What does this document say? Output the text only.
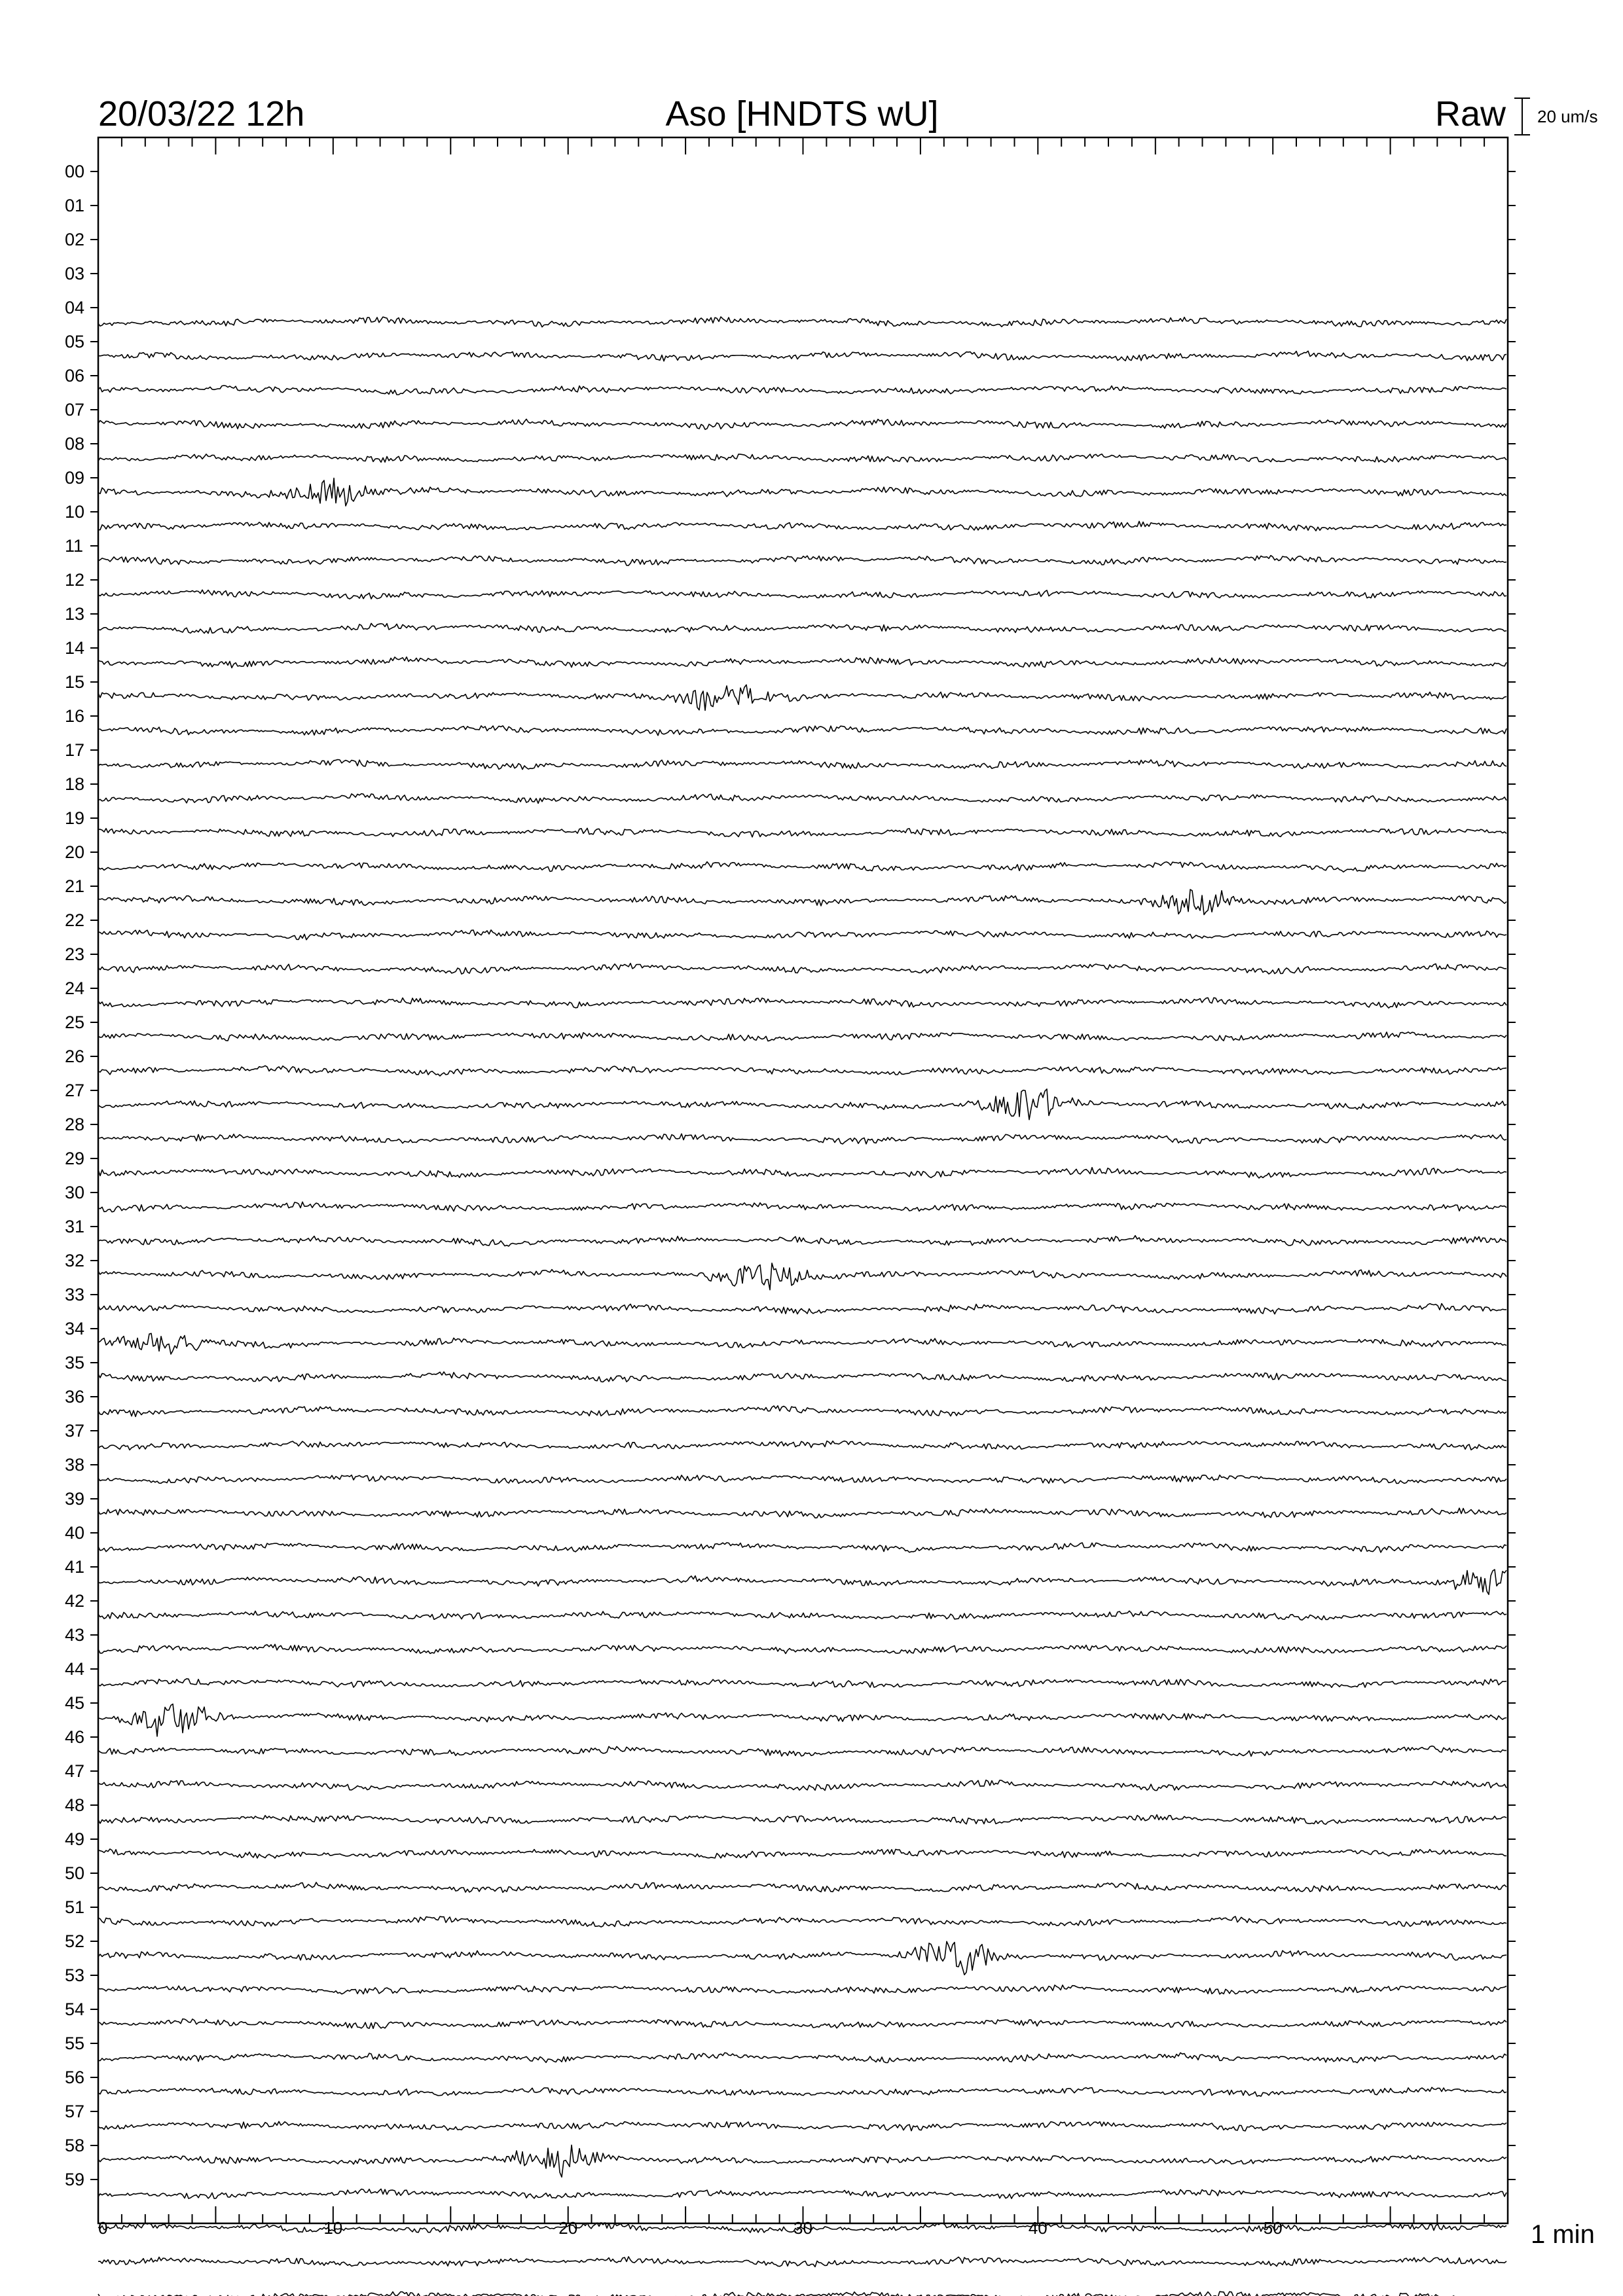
20/03/22 12h	Aso [HNDTS wU]	Raw 20 um/s
0	10	20	30	40	50
00
01
02
03
04
05
06
07
08
09
10
11
12
13
14
15
16
17
18
19
20
21
22
23
24
25
26
27
28
29
30
31
32
33
34
35
36
37
38
39
40
41
42
43
44
45
46
47
48
49
50
51
52
53
54
55
56
57
58
59
1 min
